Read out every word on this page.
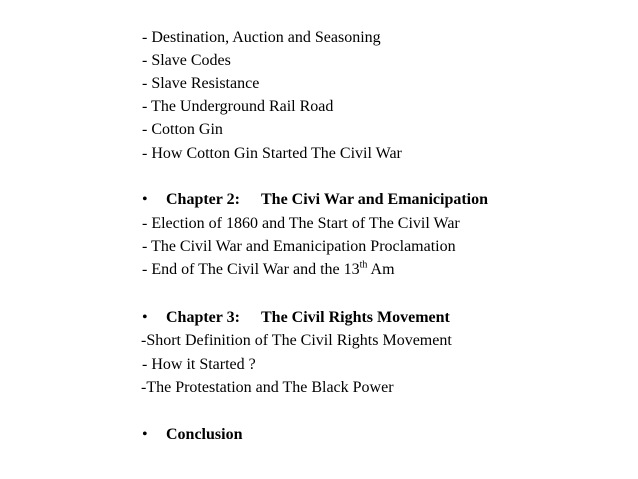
- Destination, Auction and Seasoning
- Slave Codes
- Slave Resistance
- The Underground Rail Road
- Cotton Gin
- How Cotton Gin Started The Civil War
• Chapter 2: The Civi War and Emanicipation
- Election of 1860 and The Start of The Civil War
- The Civil War and Emanicipation Proclamation
- End of The Civil War and the 13th Am
• Chapter 3: The Civil Rights Movement
-Short Definition of The Civil Rights Movement
- How it Started ?
-The Protestation and The Black Power
• Conclusion
